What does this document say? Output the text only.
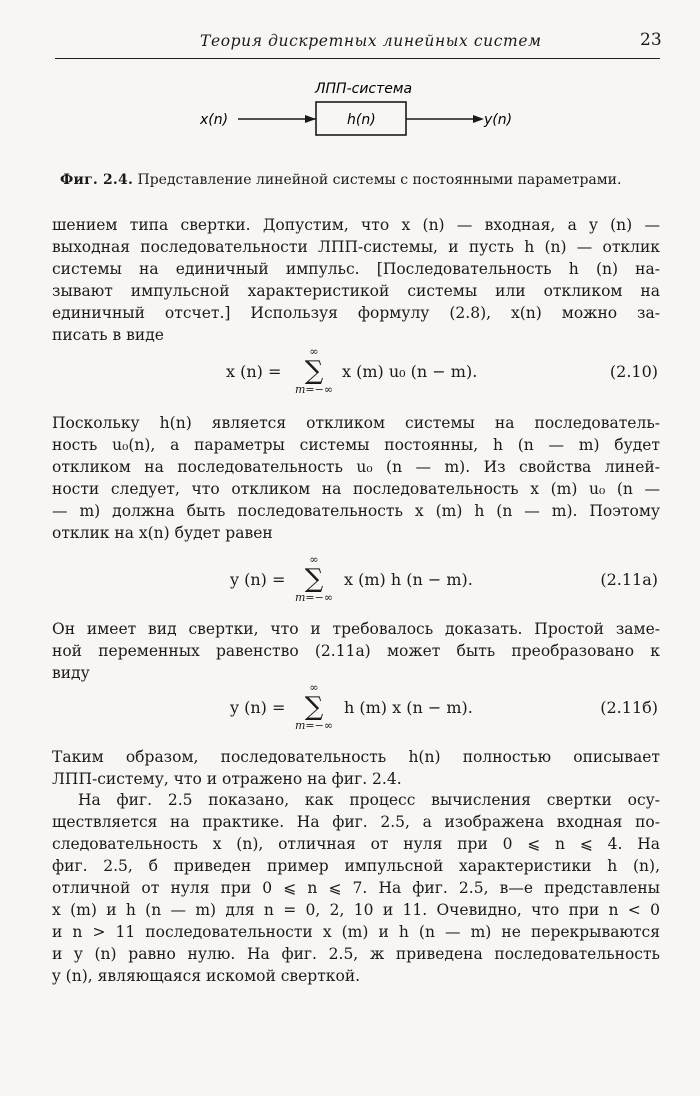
Теория дискретных линейных систем	23
ЛПП-система
h(n)
x(n)	y(n)
Фиг. 2.4. Представление линейной системы с постоянными параметрами.
шением типа свертки. Допустим, что x (n) — входная, а y (n) —
выходная последовательности ЛПП-системы, и пусть h (n) — отклик
системы на единичный импульс. [Последовательность h (n) на-
зывают импульсной характеристикой системы или откликом на
единичный отсчет.] Используя формулу (2.8), x(n) можно за-
писать в виде
x (n) =
∞
∑
m=−∞
x (m) u₀ (n − m).	(2.10)
Поскольку h(n) является откликом системы на последователь-
ность u₀(n), а параметры системы постоянны, h (n — m) будет
откликом на последовательность u₀ (n — m). Из свойства линей-
ности следует, что откликом на последовательность x (m) u₀ (n —
— m) должна быть последовательность x (m) h (n — m). Поэтому
отклик на x(n) будет равен
y (n) =
∞
∑
m=−∞
x (m) h (n − m).	(2.11a)
Он имеет вид свертки, что и требовалось доказать. Простой заме-
ной переменных равенство (2.11a) может быть преобразовано к
виду
y (n) =
∞
∑
m=−∞
h (m) x (n − m).	(2.11б)
Таким образом, последовательность h(n) полностью описывает
ЛПП-систему, что и отражено на фиг. 2.4.
На фиг. 2.5 показано, как процесс вычисления свертки осу-
ществляется на практике. На фиг. 2.5, а изображена входная по-
следовательность x (n), отличная от нуля при 0 ⩽ n ⩽ 4. На
фиг. 2.5, б приведен пример импульсной характеристики h (n),
отличной от нуля при 0 ⩽ n ⩽ 7. На фиг. 2.5, в—е представлены
x (m) и h (n — m) для n = 0, 2, 10 и 11. Очевидно, что при n < 0
и n > 11 последовательности x (m) и h (n — m) не перекрываются
и y (n) равно нулю. На фиг. 2.5, ж приведена последовательность
y (n), являющаяся искомой сверткой.
